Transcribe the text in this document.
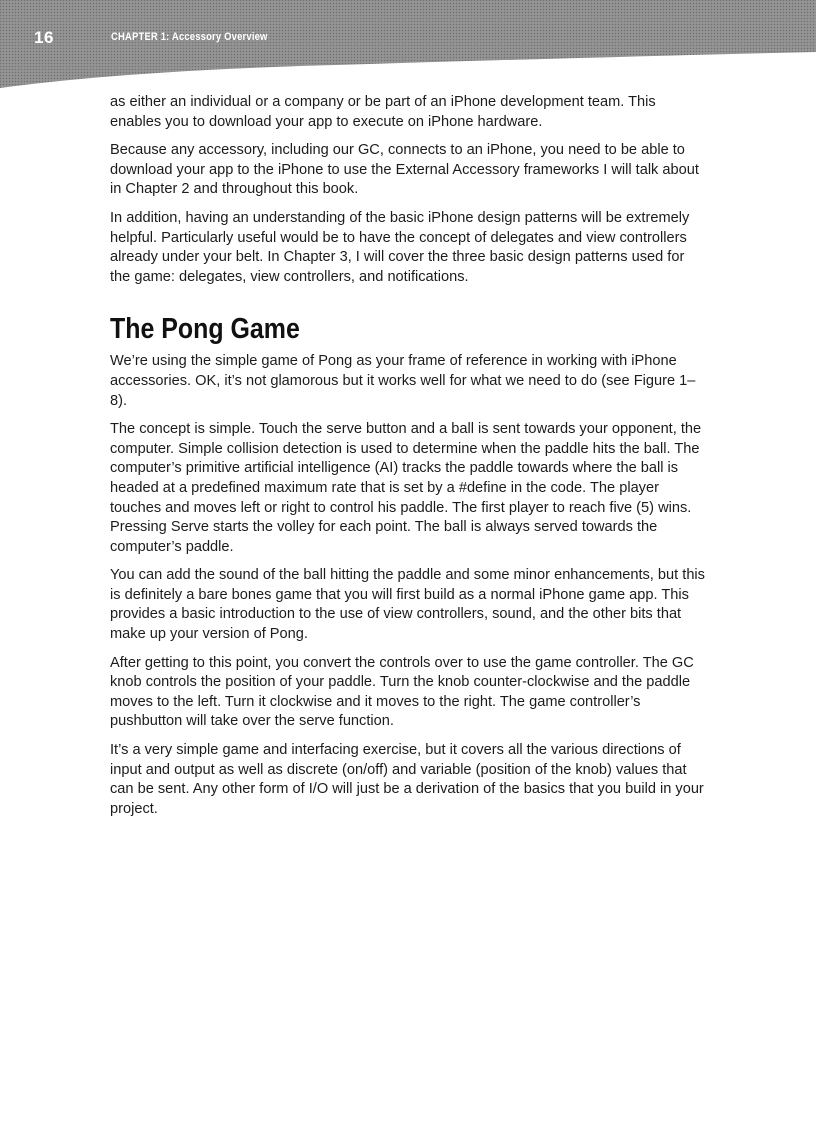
16	CHAPTER 1: Accessory Overview

as either an individual or a company or be part of an iPhone development team. This enables you to download your app to execute on iPhone hardware.

Because any accessory, including our GC, connects to an iPhone, you need to be able to download your app to the iPhone to use the External Accessory frameworks I will talk about in Chapter 2 and throughout this book.

In addition, having an understanding of the basic iPhone design patterns will be extremely helpful. Particularly useful would be to have the concept of delegates and view controllers already under your belt. In Chapter 3, I will cover the three basic design patterns used for the game: delegates, view controllers, and notifications.

The Pong Game

We’re using the simple game of Pong as your frame of reference in working with iPhone accessories. OK, it’s not glamorous but it works well for what we need to do (see Figure 1–8).

The concept is simple. Touch the serve button and a ball is sent towards your opponent, the computer. Simple collision detection is used to determine when the paddle hits the ball. The computer’s primitive artificial intelligence (AI) tracks the paddle towards where the ball is headed at a predefined maximum rate that is set by a #define in the code. The player touches and moves left or right to control his paddle. The first player to reach five (5) wins. Pressing Serve starts the volley for each point. The ball is always served towards the computer’s paddle.

You can add the sound of the ball hitting the paddle and some minor enhancements, but this is definitely a bare bones game that you will first build as a normal iPhone game app. This provides a basic introduction to the use of view controllers, sound, and the other bits that make up your version of Pong.

After getting to this point, you convert the controls over to use the game controller. The GC knob controls the position of your paddle. Turn the knob counter-clockwise and the paddle moves to the left. Turn it clockwise and it moves to the right. The game controller’s pushbutton will take over the serve function.

It’s a very simple game and interfacing exercise, but it covers all the various directions of input and output as well as discrete (on/off) and variable (position of the knob) values that can be sent. Any other form of I/O will just be a derivation of the basics that you build in your project.
